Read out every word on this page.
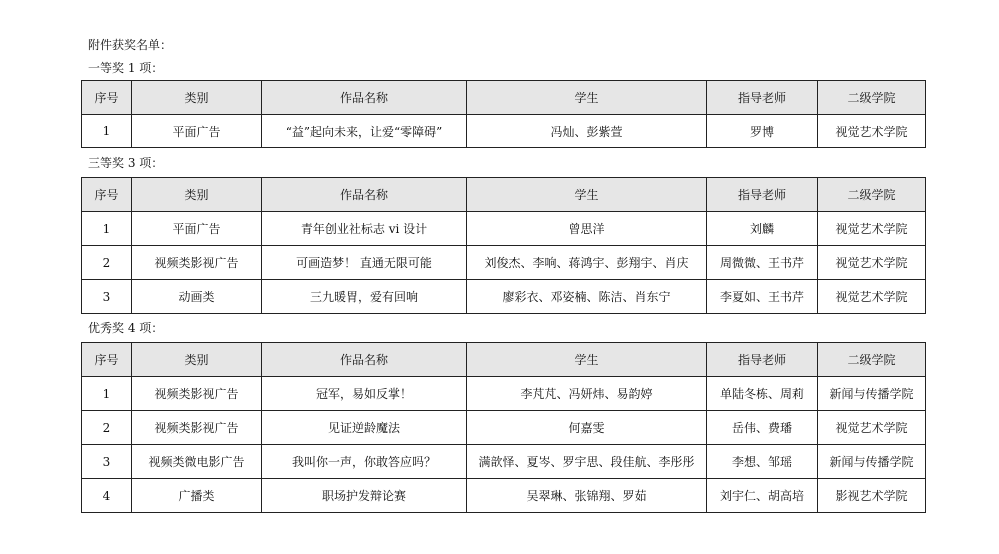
附件获奖名单：
一等奖 1 项：
序号	类别	作品名称	学生	指导老师	二级学院
1	平面广告	“益”起向未来，让爱“零障碍”	冯灿、彭紫萱	罗博	视觉艺术学院
三等奖 3 项：
序号	类别	作品名称	学生	指导老师	二级学院
1	平面广告	青年创业社标志 vi 设计	曾思洋	刘麟	视觉艺术学院
2	视频类影视广告	可画造梦！ 直通无限可能	刘俊杰、李响、蒋鸿宇、彭翔宇、肖庆	周微微、王书芹	视觉艺术学院
3	动画类	三九暖胃，爱有回响	廖彩衣、邓姿楠、陈洁、肖东宁	李夏如、王书芹	视觉艺术学院
优秀奖 4 项：
序号	类别	作品名称	学生	指导老师	二级学院
1	视频类影视广告	冠军，易如反掌！	李芃芃、冯妍炜、易韵婷	单陆冬栋、周莉	新闻与传播学院
2	视频类影视广告	见证逆龄魔法	何嘉雯	岳伟、费璠	视觉艺术学院
3	视频类微电影广告	我叫你一声，你敢答应吗？	满歆怿、夏岑、罗宇思、段佳航、李彤彤	李想、邹瑶	新闻与传播学院
4	广播类	职场护发辩论赛	吴翠琳、张锦翔、罗茹	刘宇仁、胡高培	影视艺术学院
